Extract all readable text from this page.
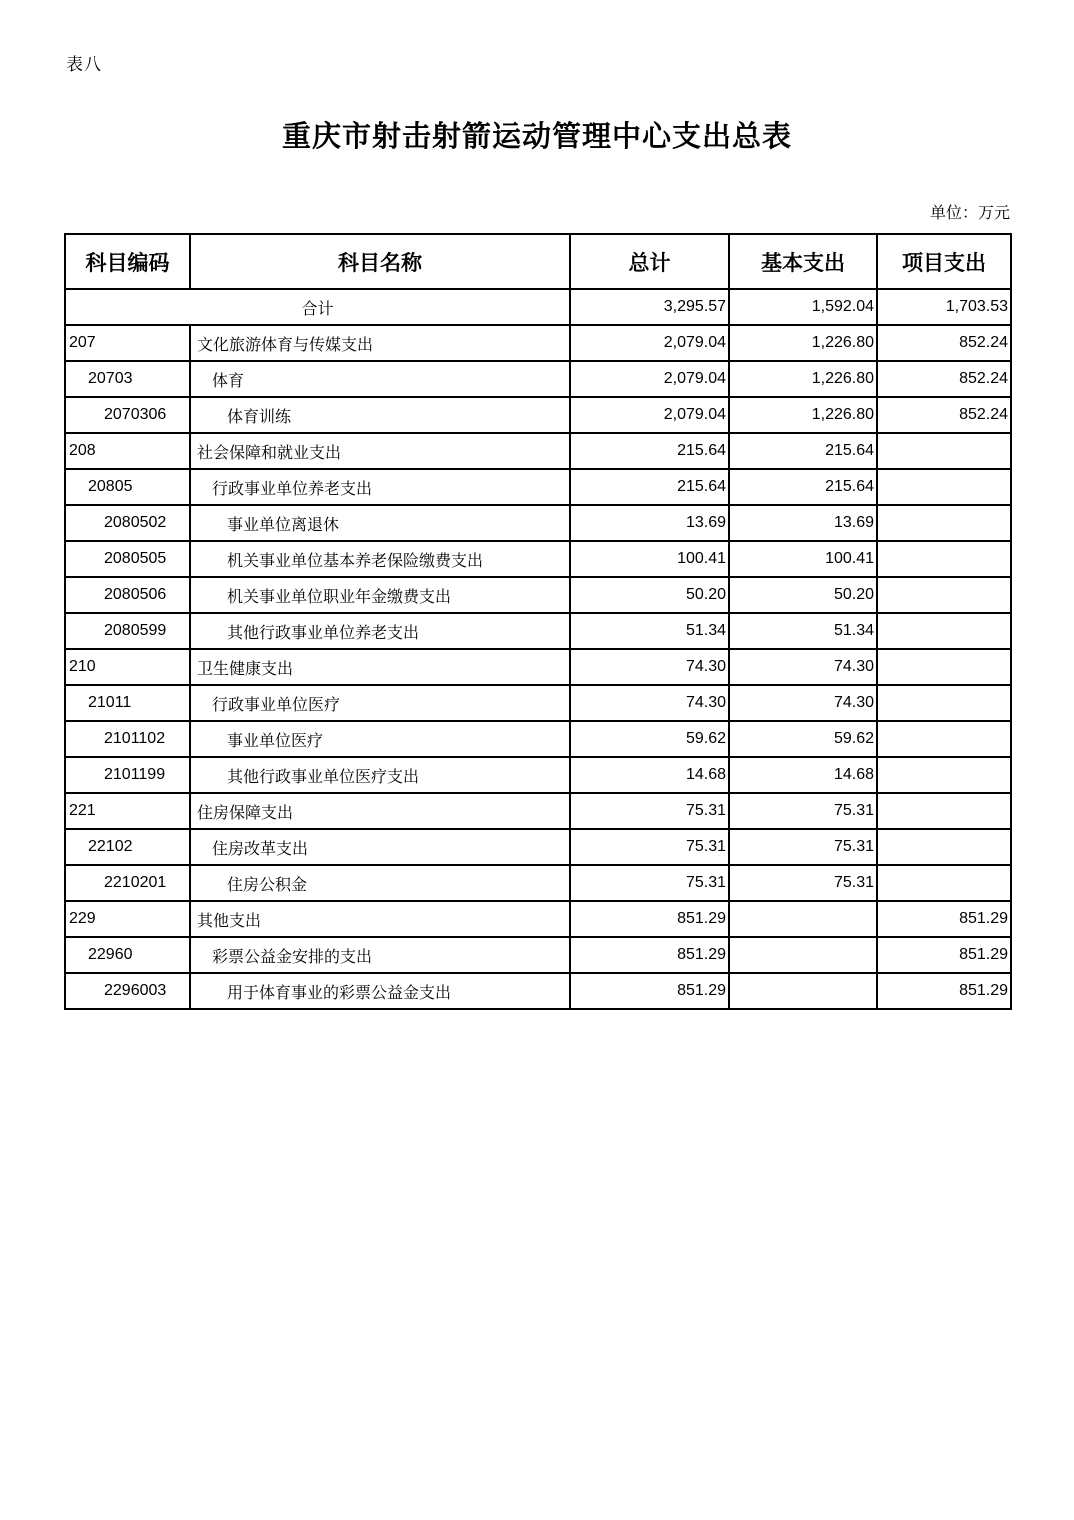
表八
重庆市射击射箭运动管理中心支出总表
单位：万元
科目编码	科目名称	总计	基本支出	项目支出
合计		3,295.57	1,592.04	1,703.53
207	文化旅游体育与传媒支出	2,079.04	1,226.80	852.24
20703	体育	2,079.04	1,226.80	852.24
2070306	体育训练	2,079.04	1,226.80	852.24
208	社会保障和就业支出	215.64	215.64	
20805	行政事业单位养老支出	215.64	215.64	
2080502	事业单位离退休	13.69	13.69	
2080505	机关事业单位基本养老保险缴费支出	100.41	100.41	
2080506	机关事业单位职业年金缴费支出	50.20	50.20	
2080599	其他行政事业单位养老支出	51.34	51.34	
210	卫生健康支出	74.30	74.30	
21011	行政事业单位医疗	74.30	74.30	
2101102	事业单位医疗	59.62	59.62	
2101199	其他行政事业单位医疗支出	14.68	14.68	
221	住房保障支出	75.31	75.31	
22102	住房改革支出	75.31	75.31	
2210201	住房公积金	75.31	75.31	
229	其他支出	851.29		851.29
22960	彩票公益金安排的支出	851.29		851.29
2296003	用于体育事业的彩票公益金支出	851.29		851.29
